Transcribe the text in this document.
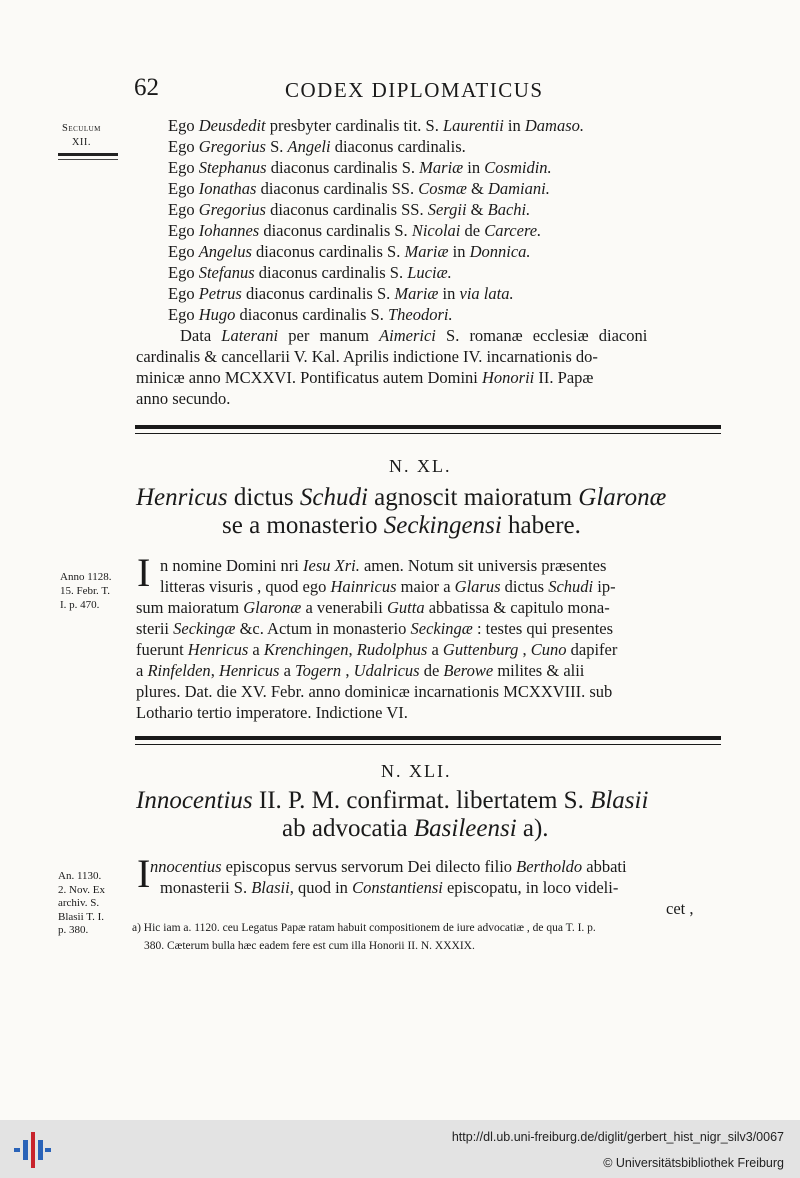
62	CODEX DIPLOMATICUS
Seculum
XII.
Ego Deusdedit presbyter cardinalis tit. S. Laurentii in Damaso.
Ego Gregorius S. Angeli diaconus cardinalis.
Ego Stephanus diaconus cardinalis S. Mariæ in Cosmidin.
Ego Ionathas diaconus cardinalis SS. Cosmæ & Damiani.
Ego Gregorius diaconus cardinalis SS. Sergii & Bachi.
Ego Iohannes diaconus cardinalis S. Nicolai de Carcere.
Ego Angelus diaconus cardinalis S. Mariæ in Donnica.
Ego Stefanus diaconus cardinalis S. Luciæ.
Ego Petrus diaconus cardinalis S. Mariæ in via lata.
Ego Hugo diaconus cardinalis S. Theodori.
Data Laterani per manum Aimerici S. romanæ ecclesiæ diaconi
cardinalis & cancellarii V. Kal. Aprilis indictione IV. incarnationis do-
minicæ anno MCXXVI. Pontificatus autem Domini Honorii II. Papæ
anno secundo.
N. XL.
Henricus dictus Schudi agnoscit maioratum Glaronæ
se a monasterio Seckingensi habere.
Anno 1128.
15. Febr. T.
I. p. 470.
I n nomine Domini nri Iesu Xri. amen. Notum sit universis præsentes
litteras visuris , quod ego Hainricus maior a Glarus dictus Schudi ip-
sum maioratum Glaronæ a venerabili Gutta abbatissa & capitulo mona-
sterii Seckingæ &c. Actum in monasterio Seckingæ : testes qui presentes
fuerunt Henricus a Krenchingen, Rudolphus a Guttenburg , Cuno dapifer
a Rinfelden, Henricus a Togern , Udalricus de Berowe milites & alii
plures. Dat. die XV. Febr. anno dominicæ incarnationis MCXXVIII. sub
Lothario tertio imperatore. Indictione VI.
N. XLI.
Innocentius II. P. M. confirmat. libertatem S. Blasii
ab advocatia Basileensi a).
An. 1130.
2. Nov. Ex
archiv. S.
Blasii T. I.
p. 380.
I nnocentius episcopus servus servorum Dei dilecto filio Bertholdo abbati
monasterii S. Blasii, quod in Constantiensi episcopatu, in loco videli-
cet ,
a) Hic iam a. 1120. ceu Legatus Papæ ratam habuit compositionem de iure advocatiæ , de qua T. I. p.
380. Cæterum bulla hæc eadem fere est cum illa Honorii II. N. XXXIX.
http://dl.ub.uni-freiburg.de/diglit/gerbert_hist_nigr_silv3/0067
© Universitätsbibliothek Freiburg
